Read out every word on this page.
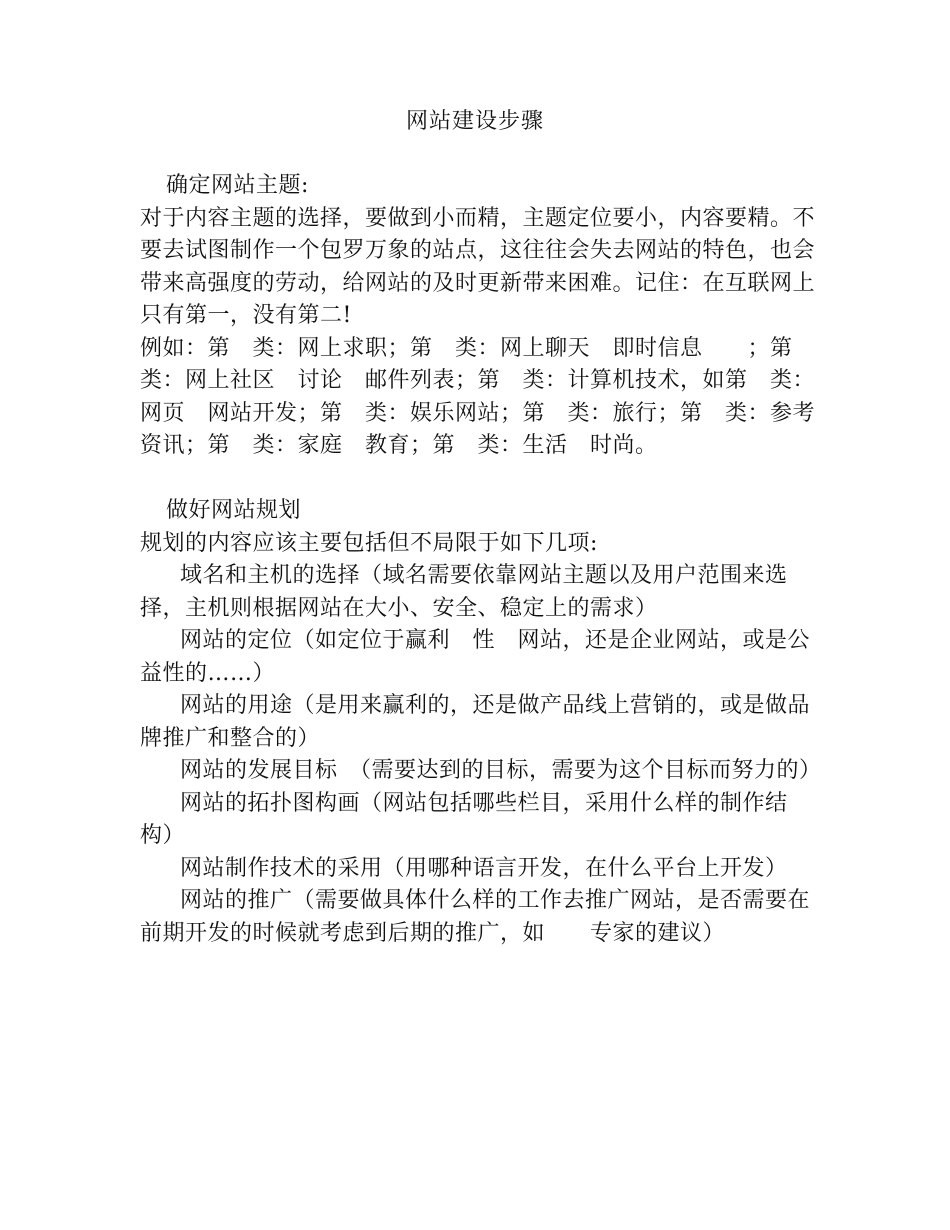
网站建设步骤

确定网站主题:

对于内容主题的选择，要做到小而精，主题定位要小，内容要精。不要去试图制作一个包罗万象的站点，这往往会失去网站的特色，也会带来高强度的劳动，给网站的及时更新带来困难。记住：在互联网上只有第一，没有第二!

例如：第　类：网上求职；第　类：网上聊天　即时信息　　；第　类：网上社区　讨论　邮件列表；第　类：计算机技术，如第　类：网页　网站开发；第　类：娱乐网站；第　类：旅行；第　类：参考　资讯；第　类：家庭　教育；第　类：生活　时尚。

做好网站规划

规划的内容应该主要包括但不局限于如下几项:

域名和主机的选择（域名需要依靠网站主题以及用户范围来选择，主机则根据网站在大小、安全、稳定上的需求）

网站的定位（如定位于赢利　性　网站，还是企业网站，或是公益性的……）

网站的用途（是用来赢利的，还是做产品线上营销的，或是做品牌推广和整合的）

网站的发展目标　（需要达到的目标，需要为这个目标而努力的）

网站的拓扑图构画（网站包括哪些栏目，采用什么样的制作结构）

网站制作技术的采用（用哪种语言开发，在什么平台上开发）

网站的推广（需要做具体什么样的工作去推广网站，是否需要在前期开发的时候就考虑到后期的推广，如　　专家的建议）
